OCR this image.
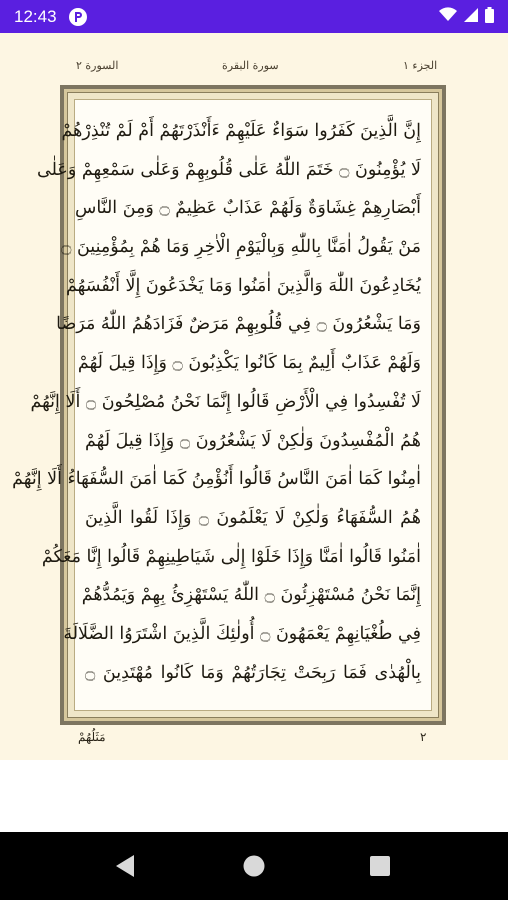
12:43
السورة ٢	سورة البقرة	الجزء ١
إِنَّ الَّذِينَ كَفَرُوا سَوَاءٌ عَلَيْهِمْ ءَأَنْذَرْتَهُمْ أَمْ لَمْ تُنْذِرْهُمْ
لَا يُؤْمِنُونَ ۝ خَتَمَ اللّٰهُ عَلٰى قُلُوبِهِمْ وَعَلٰى سَمْعِهِمْ وَعَلٰى
أَبْصَارِهِمْ غِشَاوَةٌ وَلَهُمْ عَذَابٌ عَظِيمٌ ۝ وَمِنَ النَّاسِ
مَنْ يَقُولُ اٰمَنَّا بِاللّٰهِ وَبِالْيَوْمِ الْاٰخِرِ وَمَا هُمْ بِمُؤْمِنِينَ ۝
يُخَادِعُونَ اللّٰهَ وَالَّذِينَ اٰمَنُوا وَمَا يَخْدَعُونَ إِلَّا أَنْفُسَهُمْ
وَمَا يَشْعُرُونَ ۝ فِي قُلُوبِهِمْ مَرَضٌ فَزَادَهُمُ اللّٰهُ مَرَضًا
وَلَهُمْ عَذَابٌ أَلِيمٌ بِمَا كَانُوا يَكْذِبُونَ ۝ وَإِذَا قِيلَ لَهُمْ
لَا تُفْسِدُوا فِي الْأَرْضِ قَالُوا إِنَّمَا نَحْنُ مُصْلِحُونَ ۝ أَلَا إِنَّهُمْ
هُمُ الْمُفْسِدُونَ وَلٰكِنْ لَا يَشْعُرُونَ ۝ وَإِذَا قِيلَ لَهُمْ
اٰمِنُوا كَمَا اٰمَنَ النَّاسُ قَالُوا أَنُؤْمِنُ كَمَا اٰمَنَ السُّفَهَاءُ أَلَا إِنَّهُمْ
هُمُ السُّفَهَاءُ وَلٰكِنْ لَا يَعْلَمُونَ ۝ وَإِذَا لَقُوا الَّذِينَ
اٰمَنُوا قَالُوا اٰمَنَّا وَإِذَا خَلَوْا إِلٰى شَيَاطِينِهِمْ قَالُوا إِنَّا مَعَكُمْ
إِنَّمَا نَحْنُ مُسْتَهْزِئُونَ ۝ اللّٰهُ يَسْتَهْزِئُ بِهِمْ وَيَمُدُّهُمْ
فِي طُغْيَانِهِمْ يَعْمَهُونَ ۝ أُولٰئِكَ الَّذِينَ اشْتَرَوُا الضَّلَالَةَ
بِالْهُدٰى فَمَا رَبِحَتْ تِجَارَتُهُمْ وَمَا كَانُوا مُهْتَدِينَ ۝
مَثَلُهُمْ	٢
